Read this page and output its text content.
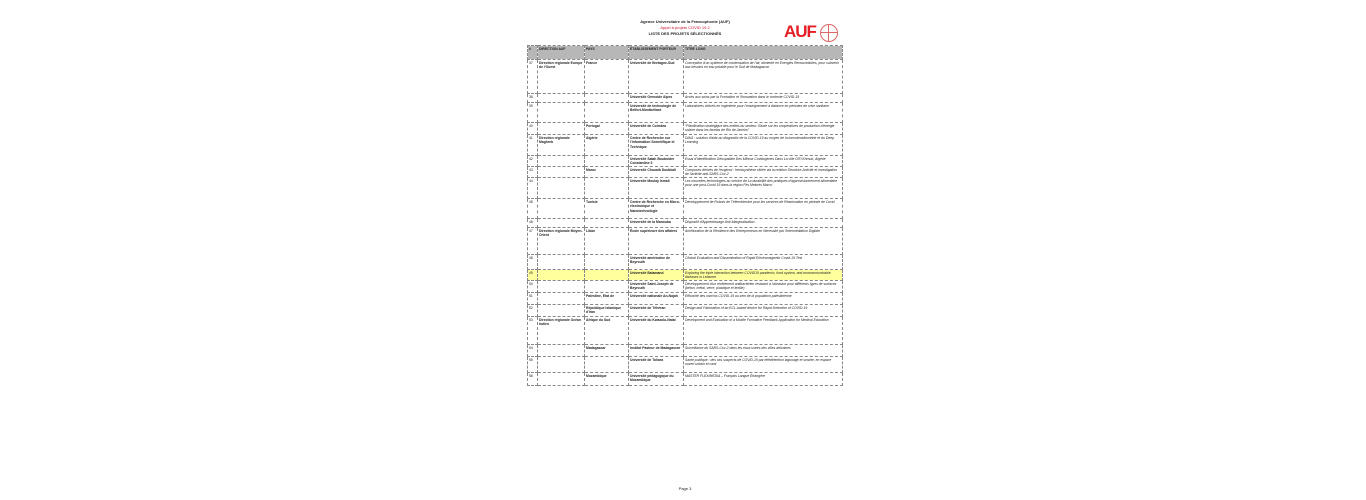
Agence Universitaire de la Francophonie (AUF)
Appel à projets COVID 19.2
LISTE DES PROJETS SÉLECTIONNÉS	AUF
#	DIRECTION AUF	PAYS	ÉTABLISSEMENT PORTEUR	TITRE LONG
37	Direction régionale Europe de l'Ouest	France	Université de Bretagne-Sud	Conception d'un système de condensation de l'air, alimenté en Energies Renouvelables, pour subvenir aux besoins en eau potable pour le Sud de Madagascar
38			Université Grenoble Alpes	Accès aux soins par la Formation et l'Innovation dans le contexte COVID-19
39			Université de technologie de Belfort-Montbéliard	Laboratoires virtuels en ingénierie pour l'enseignement à distance en périodes de crise sanitaire
40		Portugal	Université de Coimbra	"Planification stratégique des entités du secteur: Etude sur les coopératives de production d'énergie solaire dans les favelas de Rio de Janeiro"
41	Direction régionale Maghreb	Algérie	Centre de Recherche sur l'Information Scientifique et Technique	DIAG : solution d'aide au diagnostic de la COVID-19 au moyen de la tomodensitométrie et du Deep Learning
42			Université Salah Boubnider Constantine 3	Essai d'Identification Géospatiale Des Milieux Covidogènes Dans La ville D'El Khroub, Algérie
43		Maroc	Université Chouaib Doukkali	Composés dérivés de l'eugénol : hémisynthèse ciblée via la relation Structure-Activité et investigation de l'activité anti-SARS-Cov-2
44			Université Moulay Ismail	Les nouvelles technologies au service de La durabilité des pratiques d'approvisionnement alimentaire pour une post-Covid 19 dans la région Fès Meknès Maroc
45		Tunisie	Centre de Recherche en Micro-électronique et Nanotechnologie	Développement de Robots de Télémédecine pour les services de Réanimation en période de Covid
46			Université de la Manouba	Dispositif d'Apprentissage Anti-Marginalisation
47	Direction régionale Moyen-Orient	Liban	École supérieure des affaires	Amélioration de la Résilience des Entrepreneurs en Nécessité par l'Intermédiation Digitale
48			Université américaine de Beyrouth	Clinical Evaluation and Dissemination of Rapid Electromagnetic Covid-19 Test
49			Université Balamand	Exploring the triple interaction between COVID19 pandemic, food system, and noncommunicable diseases in Lebanon
50			Université Saint-Joseph de Beyrouth	Développement d'un revêtement antibactérien résistant à l'abrasion pour différents types de surfaces (béton, métal, verre, plastique et textile)
51		Palestine, Etat de	Université nationale An-Najah	Efficacité des vaccins COVID-19 au sein de la population palestinienne
52		République islamique d'Iran	Université de Téhéran	Design and Fabrication of an ECL-based device for Rapid Detection of COVID-19
53	Direction régionale Océan Indien	Afrique du Sud	Université du Kwazulu-Natal	Development and Evaluation of a Mobile Formative Feedback Application for Medical Education
54		Madagascar	Institut Pasteur de Madagascar	Surveillance du SARS-Cov-2 dans les eaux usées des villes africaines
55			Université de Toliara	Santé publique : des cas suspects de COVID-19 par télédétection lagunage et smarte, en espace ouvert urbain et rural
56		Mozambique	Université pédagogique du Mozambique	MASTER FLEXIMEDIA – Français Langue Étrangère
Page 3
